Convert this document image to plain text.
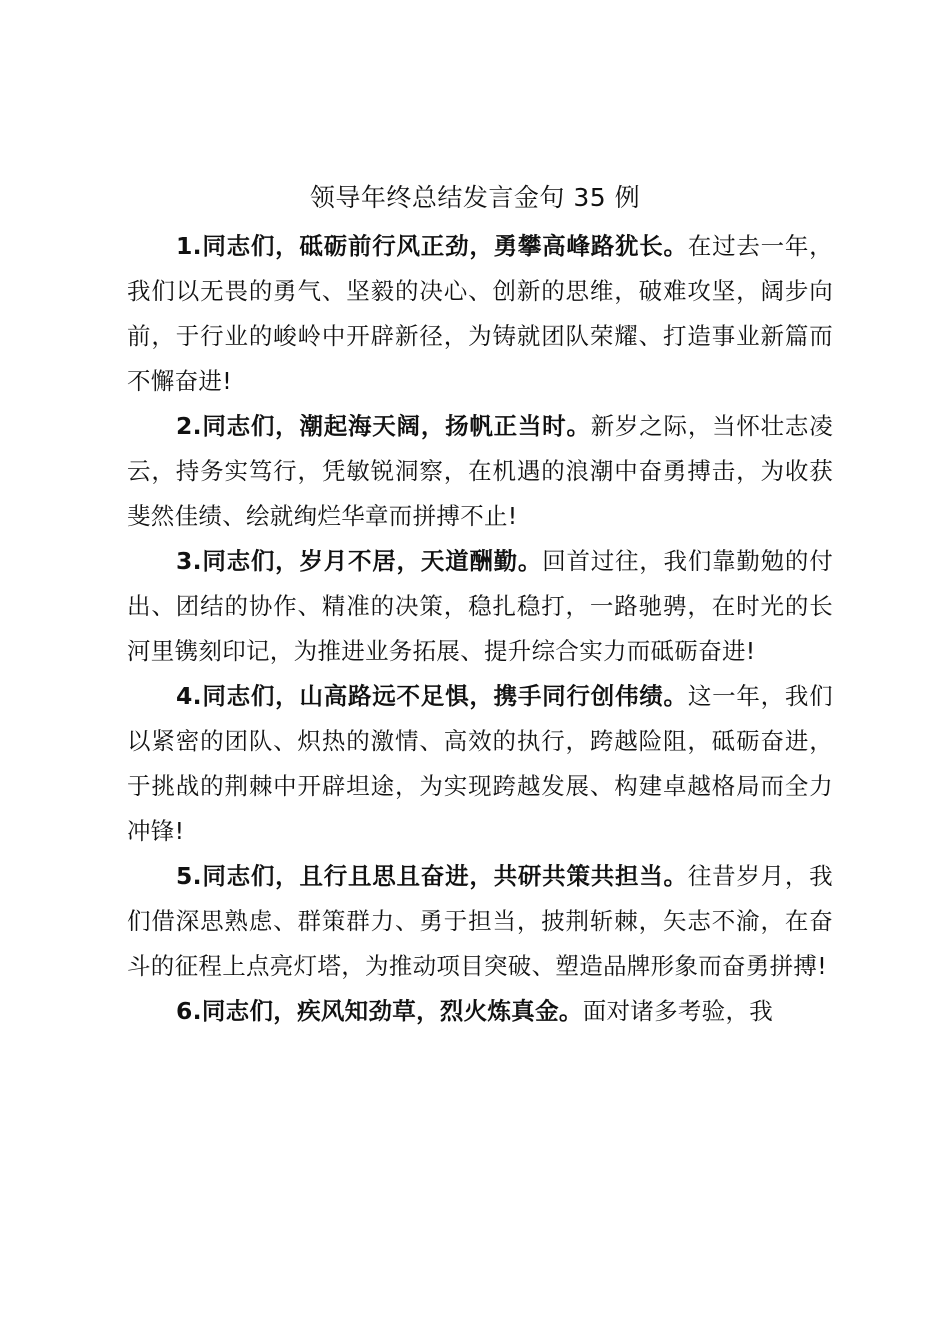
领导年终总结发言金句 35 例

1.同志们，砥砺前行风正劲，勇攀高峰路犹长。在过去一年，我们以无畏的勇气、坚毅的决心、创新的思维，破难攻坚，阔步向前，于行业的峻岭中开辟新径，为铸就团队荣耀、打造事业新篇而不懈奋进!

2.同志们，潮起海天阔，扬帆正当时。新岁之际，当怀壮志凌云，持务实笃行，凭敏锐洞察，在机遇的浪潮中奋勇搏击，为收获斐然佳绩、绘就绚烂华章而拼搏不止!

3.同志们，岁月不居，天道酬勤。回首过往，我们靠勤勉的付出、团结的协作、精准的决策，稳扎稳打，一路驰骋，在时光的长河里镌刻印记，为推进业务拓展、提升综合实力而砥砺奋进!

4.同志们，山高路远不足惧，携手同行创伟绩。这一年，我们以紧密的团队、炽热的激情、高效的执行，跨越险阻，砥砺奋进，于挑战的荆棘中开辟坦途，为实现跨越发展、构建卓越格局而全力冲锋!

5.同志们，且行且思且奋进，共研共策共担当。往昔岁月，我们借深思熟虑、群策群力、勇于担当，披荆斩棘，矢志不渝，在奋斗的征程上点亮灯塔，为推动项目突破、塑造品牌形象而奋勇拼搏!

6.同志们，疾风知劲草，烈火炼真金。面对诸多考验，我
